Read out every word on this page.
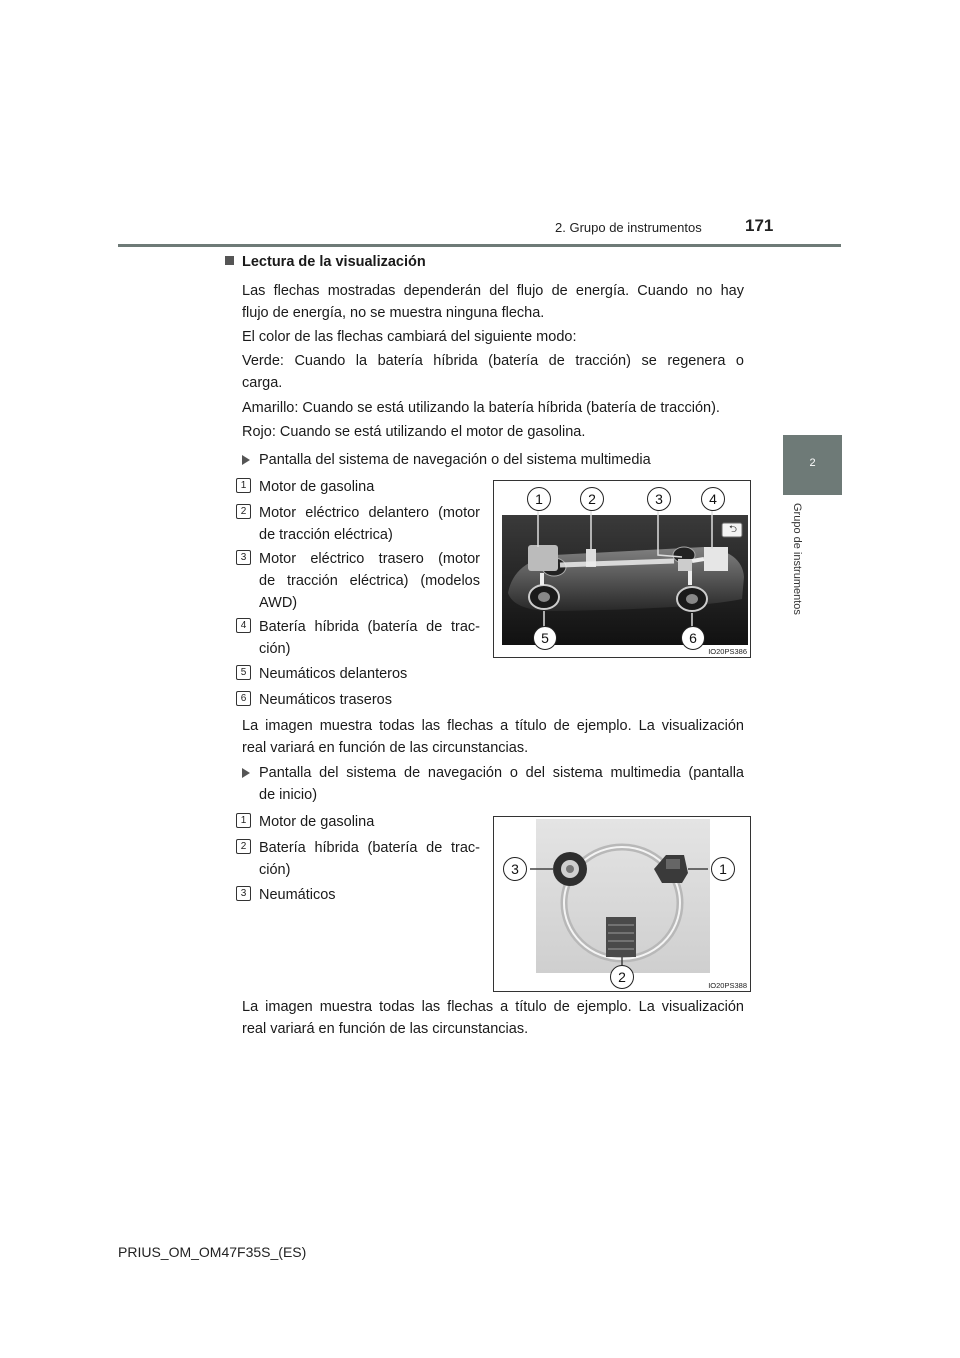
2. Grupo de instrumentos	171
2
Grupo de instrumentos
Lectura de la visualización
Las flechas mostradas dependerán del flujo de energía. Cuando no hay
flujo de energía, no se muestra ninguna flecha.
El color de las flechas cambiará del siguiente modo:
Verde: Cuando la batería híbrida (batería de tracción) se regenera o
carga.
Amarillo: Cuando se está utilizando la batería híbrida (batería de tracción).
Rojo: Cuando se está utilizando el motor de gasolina.
Pantalla del sistema de navegación o del sistema multimedia
1 Motor de gasolina
2 Motor eléctrico delantero (motor
de tracción eléctrica)
3 Motor eléctrico trasero (motor
de tracción eléctrica) (modelos
AWD)
4 Batería híbrida (batería de trac-
ción)
5 Neumáticos delanteros
6 Neumáticos traseros
La imagen muestra todas las flechas a título de ejemplo. La visualización
real variará en función de las circunstancias.
1	2	3	4
5	6
⮌
IO20PS386
Pantalla del sistema de navegación o del sistema multimedia (pantalla
de inicio)
1 Motor de gasolina
2 Batería híbrida (batería de trac-
ción)
3 Neumáticos
3	1
2
IO20PS388
La imagen muestra todas las flechas a título de ejemplo. La visualización
real variará en función de las circunstancias.
PRIUS_OM_OM47F35S_(ES)
